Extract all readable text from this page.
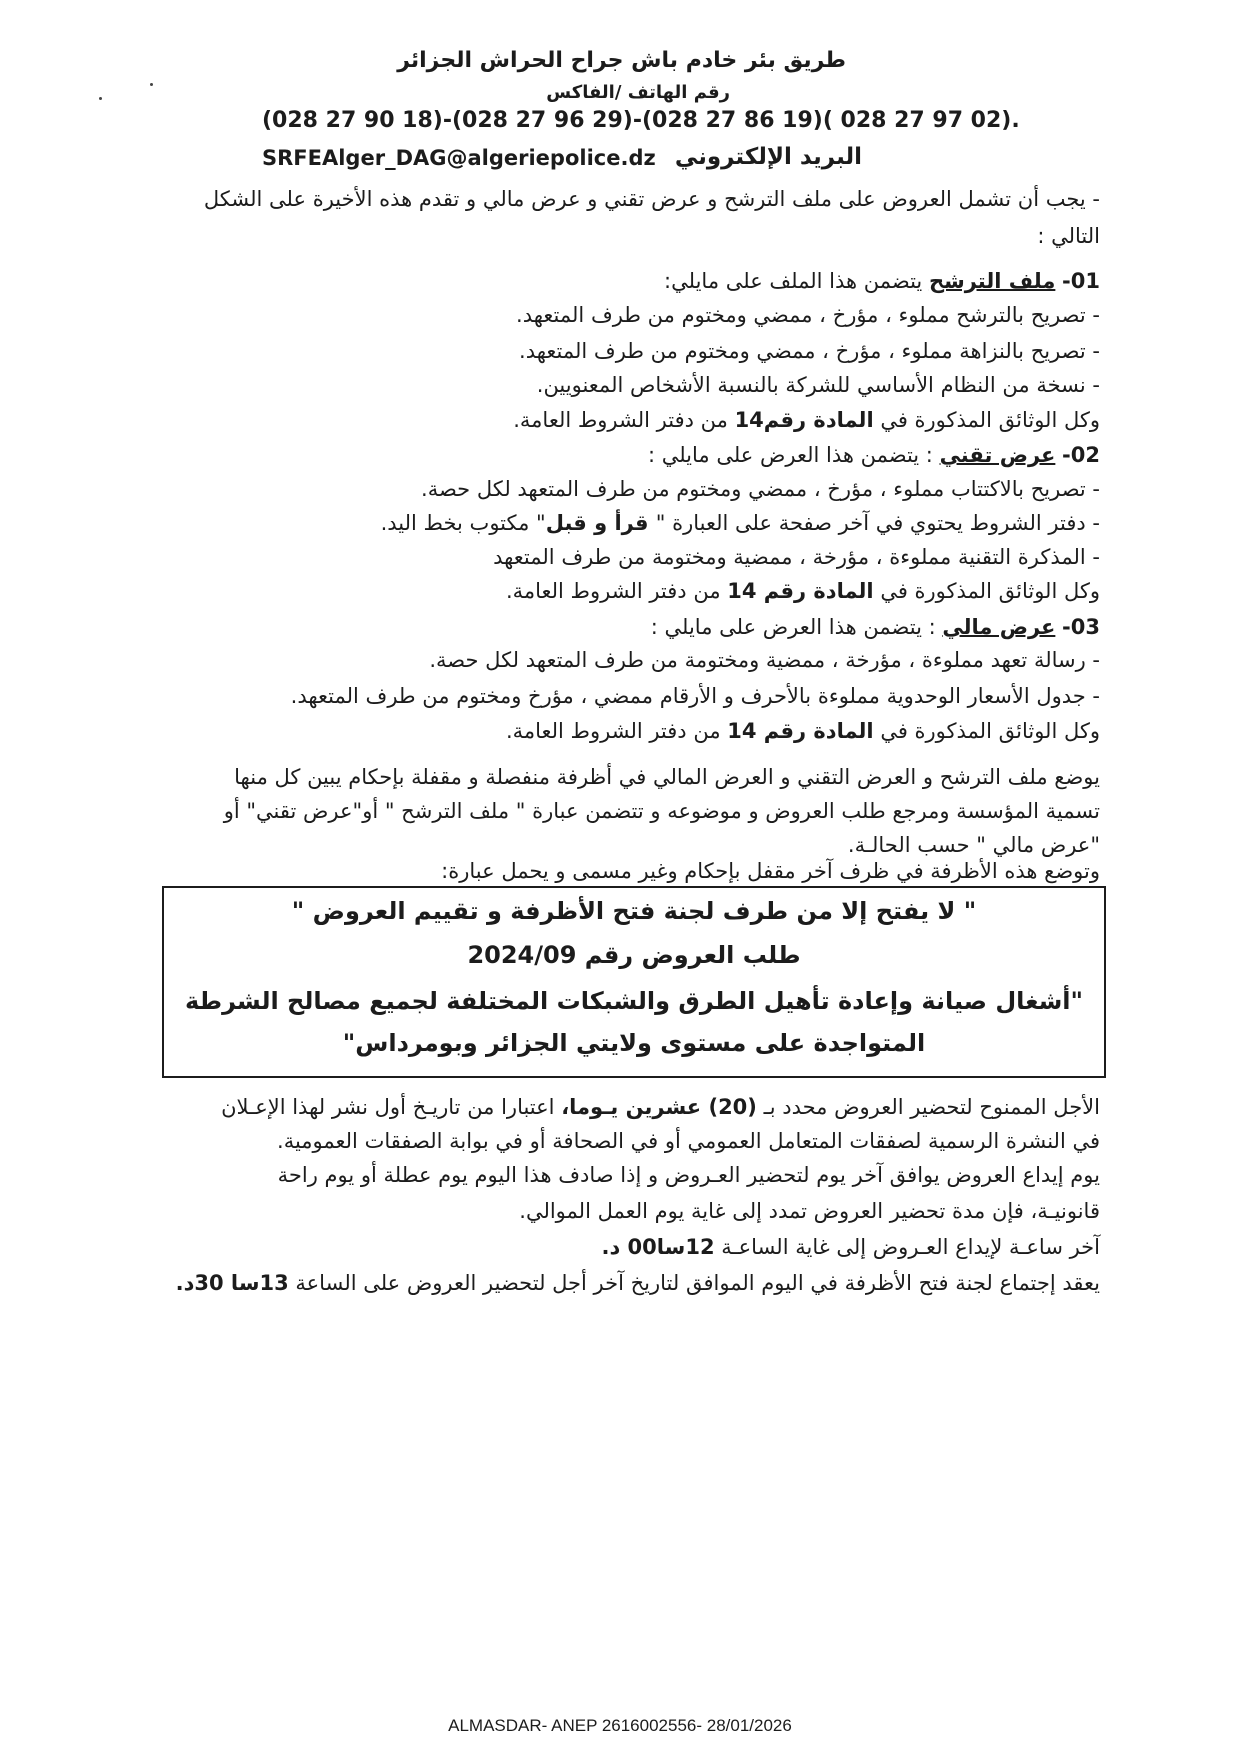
طريق بئر خادم باش جراح الحراش الجزائر
رقم الهاتف /الفاكس
(028 27 90 18)-(028 27 96 29)-(028 27 86 19)( 028 27 97 02).
البريد الإلكتروني
SRFEAlger_DAG@algeriepolice.dz
- يجب أن تشمل العروض على ملف الترشح و عرض تقني و عرض مالي و تقدم هذه الأخيرة على الشكل
التالي :
01- ملف الترشح يتضمن هذا الملف على مايلي:
- تصريح بالترشح مملوء ، مؤرخ ، ممضي ومختوم من طرف المتعهد.
- تصريح بالنزاهة مملوء ، مؤرخ ، ممضي ومختوم من طرف المتعهد.
- نسخة من النظام الأساسي للشركة بالنسبة الأشخاص المعنويين.
وكل الوثائق المذكورة في المادة رقم14 من دفتر الشروط العامة.
02- عرض تقني : يتضمن هذا العرض على مايلي :
- تصريح بالاكتتاب مملوء ، مؤرخ ، ممضي ومختوم من طرف المتعهد لكل حصة.
- دفتر الشروط يحتوي في آخر صفحة على العبارة " قرأ و قبل" مكتوب بخط اليد.
- المذكرة التقنية مملوءة ، مؤرخة ، ممضية ومختومة من طرف المتعهد
وكل الوثائق المذكورة في المادة رقم 14 من دفتر الشروط العامة.
03- عرض مالي : يتضمن هذا العرض على مايلي :
- رسالة تعهد مملوءة ، مؤرخة ، ممضية ومختومة من طرف المتعهد لكل حصة.
- جدول الأسعار الوحدوية مملوءة بالأحرف و الأرقام ممضي ، مؤرخ ومختوم من طرف المتعهد.
وكل الوثائق المذكورة في المادة رقم 14 من دفتر الشروط العامة.
يوضع ملف الترشح و العرض التقني و العرض المالي في أظرفة منفصلة و مقفلة بإحكام يبين كل منها
تسمية المؤسسة ومرجع طلب العروض و موضوعه و تتضمن عبارة " ملف الترشح " أو"عرض تقني" أو
"عرض مالي " حسب الحالـة.
وتوضع هذه الأظرفة في ظرف آخر مقفل بإحكام وغير مسمى و يحمل عبارة:
" لا يفتح إلا من طرف لجنة فتح الأظرفة و تقييم العروض "
طلب العروض رقم 2024/09
"أشغال صيانة وإعادة تأهيل الطرق والشبكات المختلفة لجميع مصالح الشرطة
المتواجدة على مستوى ولايتي الجزائر وبومرداس"
الأجل الممنوح لتحضير العروض محدد بـ (20) عشرين يـوما، اعتبارا من تاريـخ أول نشر لهذا الإعـلان
في النشرة الرسمية لصفقات المتعامل العمومي أو في الصحافة أو في بوابة الصفقات العمومية.
يوم إيداع العروض يوافق آخر يوم لتحضير العـروض و إذا صادف هذا اليوم يوم عطلة أو يوم راحة
قانونيـة، فإن مدة تحضير العروض تمدد إلى غاية يوم العمل الموالي.
آخر ساعـة لإيداع العـروض إلى غاية الساعـة 12سا00 د.
يعقد إجتماع لجنة فتح الأظرفة في اليوم الموافق لتاريخ آخر أجل لتحضير العروض على الساعة 13سا 30د.
ALMASDAR- ANEP 2616002556- 28/01/2026
